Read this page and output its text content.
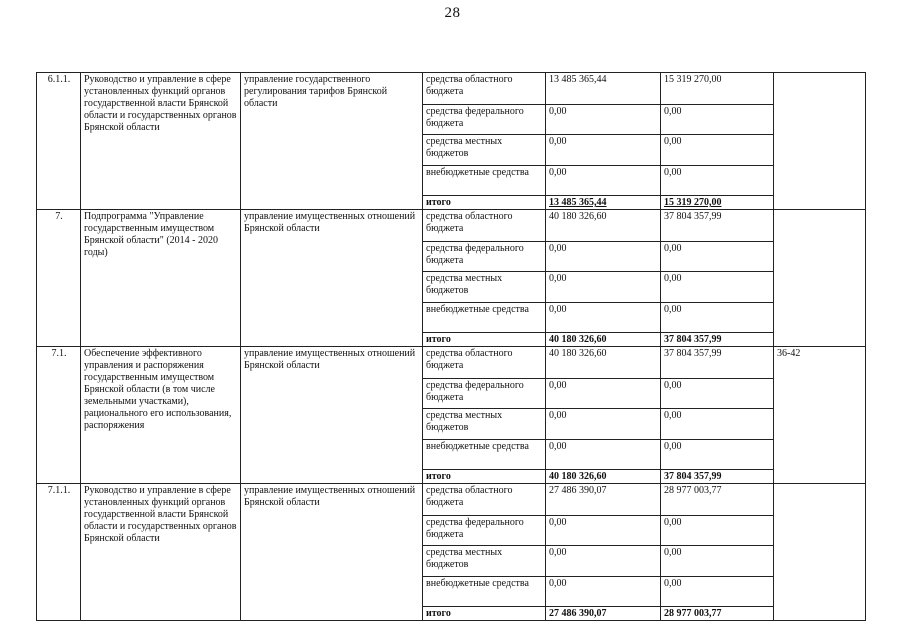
28
6.1.1.	Руководство и управление в сфере установленных функций органов государственной власти Брянской области и государственных органов Брянской области	управление государственного регулирования тарифов Брянской области	средства областного бюджета	13 485 365,44	15 319 270,00	
			средства федерального бюджета	0,00	0,00	
			средства местных бюджетов	0,00	0,00	
			внебюджетные средства	0,00	0,00	
			итого	13 485 365,44	15 319 270,00	
7.	Подпрограмма "Управление государственным имуществом Брянской области" (2014 - 2020 годы)	управление имущественных отношений Брянской области	средства областного бюджета	40 180 326,60	37 804 357,99	
			средства федерального бюджета	0,00	0,00	
			средства местных бюджетов	0,00	0,00	
			внебюджетные средства	0,00	0,00	
			итого	40 180 326,60	37 804 357,99	
7.1.	Обеспечение эффективного управления и распоряжения государственным имуществом Брянской области (в том числе земельными участками), рационального его использования, распоряжения	управление имущественных отношений Брянской области	средства областного бюджета	40 180 326,60	37 804 357,99	36-42
			средства федерального бюджета	0,00	0,00	
			средства местных бюджетов	0,00	0,00	
			внебюджетные средства	0,00	0,00	
			итого	40 180 326,60	37 804 357,99	
7.1.1.	Руководство и управление в сфере установленных функций органов государственной власти Брянской области и государственных органов Брянской области	управление имущественных отношений Брянской области	средства областного бюджета	27 486 390,07	28 977 003,77	
			средства федерального бюджета	0,00	0,00	
			средства местных бюджетов	0,00	0,00	
			внебюджетные средства	0,00	0,00	
			итого	27 486 390,07	28 977 003,77	
